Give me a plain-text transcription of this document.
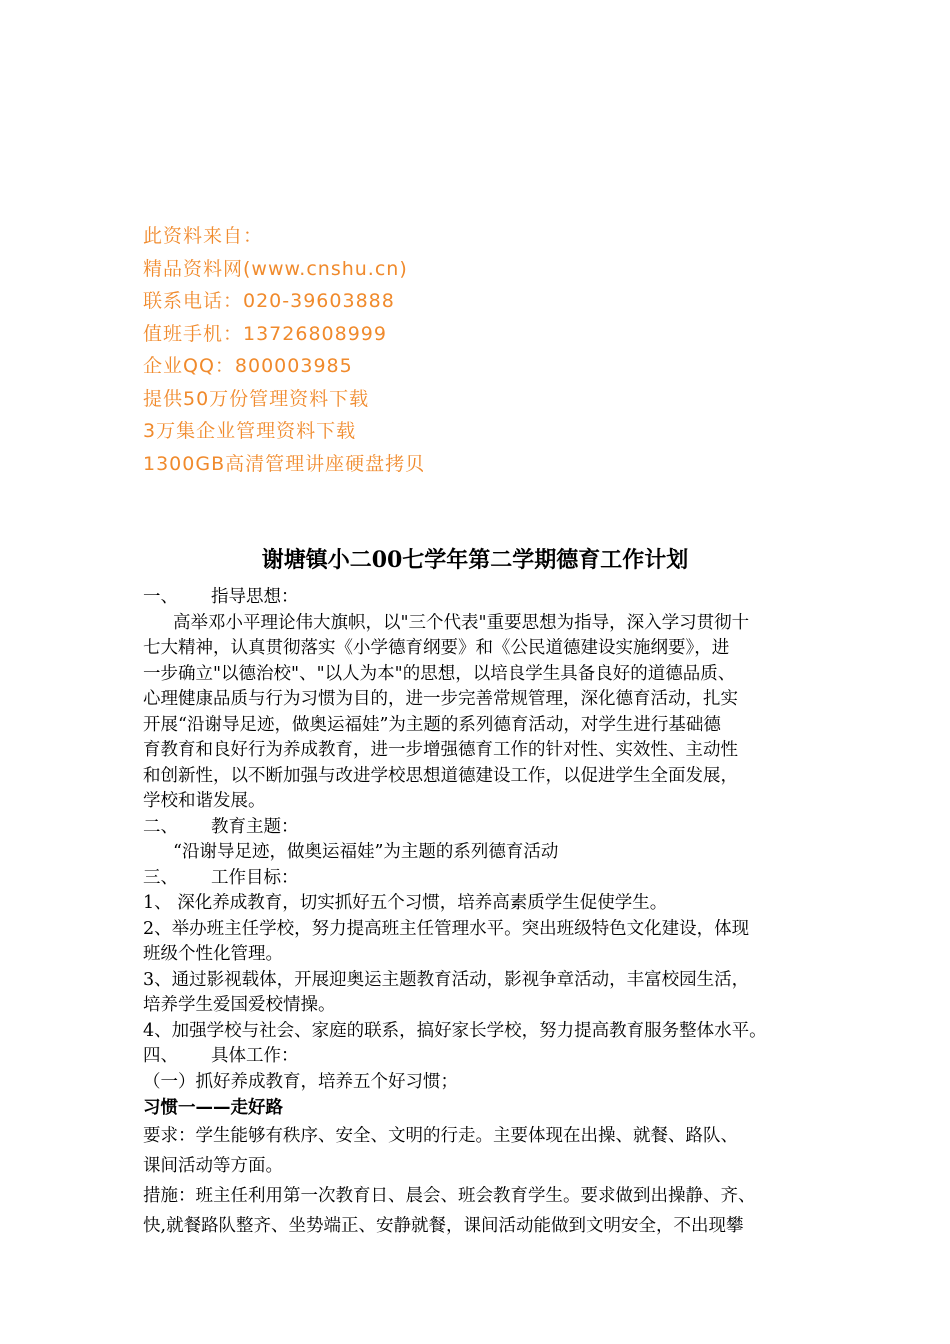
此资料来自：
精品资料网(www.cnshu.cn)
联系电话：020-39603888
值班手机：13726808999
企业QQ：800003985
提供50万份管理资料下载
3万集企业管理资料下载
1300GB高清管理讲座硬盘拷贝
谢塘镇小二00七学年第二学期德育工作计划
一、 指导思想：
高举邓小平理论伟大旗帜，以"三个代表"重要思想为指导，深入学习贯彻十
七大精神，认真贯彻落实《小学德育纲要》和《公民道德建设实施纲要》，进
一步确立"以德治校"、"以人为本"的思想，以培良学生具备良好的道德品质、
心理健康品质与行为习惯为目的，进一步完善常规管理，深化德育活动，扎实
开展“沿谢导足迹，做奥运福娃”为主题的系列德育活动，对学生进行基础德
育教育和良好行为养成教育，进一步增强德育工作的针对性、实效性、主动性
和创新性，以不断加强与改进学校思想道德建设工作，以促进学生全面发展，
学校和谐发展。
二、 教育主题：
“沿谢导足迹，做奥运福娃”为主题的系列德育活动
三、 工作目标：
1、 深化养成教育，切实抓好五个习惯，培养高素质学生促使学生。
2、举办班主任学校，努力提高班主任管理水平。突出班级特色文化建设，体现
班级个性化管理。
3、通过影视载体，开展迎奥运主题教育活动，影视争章活动，丰富校园生活，
培养学生爱国爱校情操。
4、加强学校与社会、家庭的联系，搞好家长学校，努力提高教育服务整体水平。
四、 具体工作：
（一）抓好养成教育，培养五个好习惯；
习惯一——走好路
要求：学生能够有秩序、安全、文明的行走。主要体现在出操、就餐、路队、
课间活动等方面。
措施：班主任利用第一次教育日、晨会、班会教育学生。要求做到出操静、齐、
快,就餐路队整齐、坐势端正、安静就餐，课间活动能做到文明安全，不出现攀
